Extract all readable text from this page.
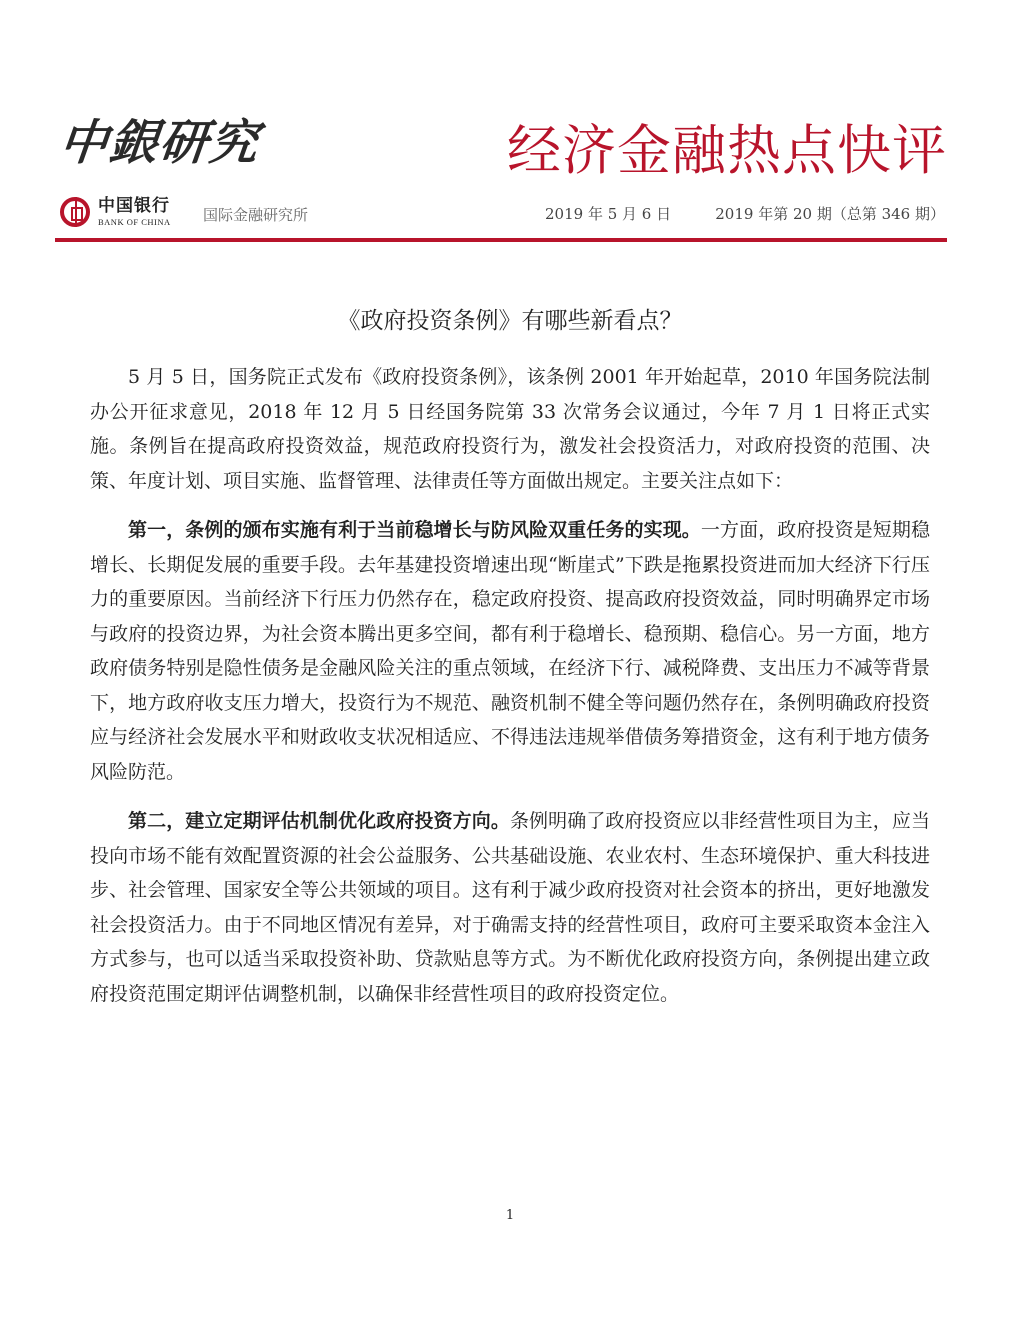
中銀研究	经济金融热点快评
中国银行
BANK OF CHINA 国际金融研究所	2019 年 5 月 6 日	2019 年第 20 期（总第 346 期）
《政府投资条例》有哪些新看点？

5 月 5 日，国务院正式发布《政府投资条例》，该条例 2001 年开始起草，2010 年国务院法制办公开征求意见，2018 年 12 月 5 日经国务院第 33 次常务会议通过，今年 7 月 1 日将正式实施。条例旨在提高政府投资效益，规范政府投资行为，激发社会投资活力，对政府投资的范围、决策、年度计划、项目实施、监督管理、法律责任等方面做出规定。主要关注点如下：

第一，条例的颁布实施有利于当前稳增长与防风险双重任务的实现。一方面，政府投资是短期稳增长、长期促发展的重要手段。去年基建投资增速出现“断崖式”下跌是拖累投资进而加大经济下行压力的重要原因。当前经济下行压力仍然存在，稳定政府投资、提高政府投资效益，同时明确界定市场与政府的投资边界，为社会资本腾出更多空间，都有利于稳增长、稳预期、稳信心。另一方面，地方政府债务特别是隐性债务是金融风险关注的重点领域，在经济下行、减税降费、支出压力不减等背景下，地方政府收支压力增大，投资行为不规范、融资机制不健全等问题仍然存在，条例明确政府投资应与经济社会发展水平和财政收支状况相适应、不得违法违规举借债务筹措资金，这有利于地方债务风险防范。

第二，建立定期评估机制优化政府投资方向。条例明确了政府投资应以非经营性项目为主，应当投向市场不能有效配置资源的社会公益服务、公共基础设施、农业农村、生态环境保护、重大科技进步、社会管理、国家安全等公共领域的项目。这有利于减少政府投资对社会资本的挤出，更好地激发社会投资活力。由于不同地区情况有差异，对于确需支持的经营性项目，政府可主要采取资本金注入方式参与，也可以适当采取投资补助、贷款贴息等方式。为不断优化政府投资方向，条例提出建立政府投资范围定期评估调整机制，以确保非经营性项目的政府投资定位。

1
